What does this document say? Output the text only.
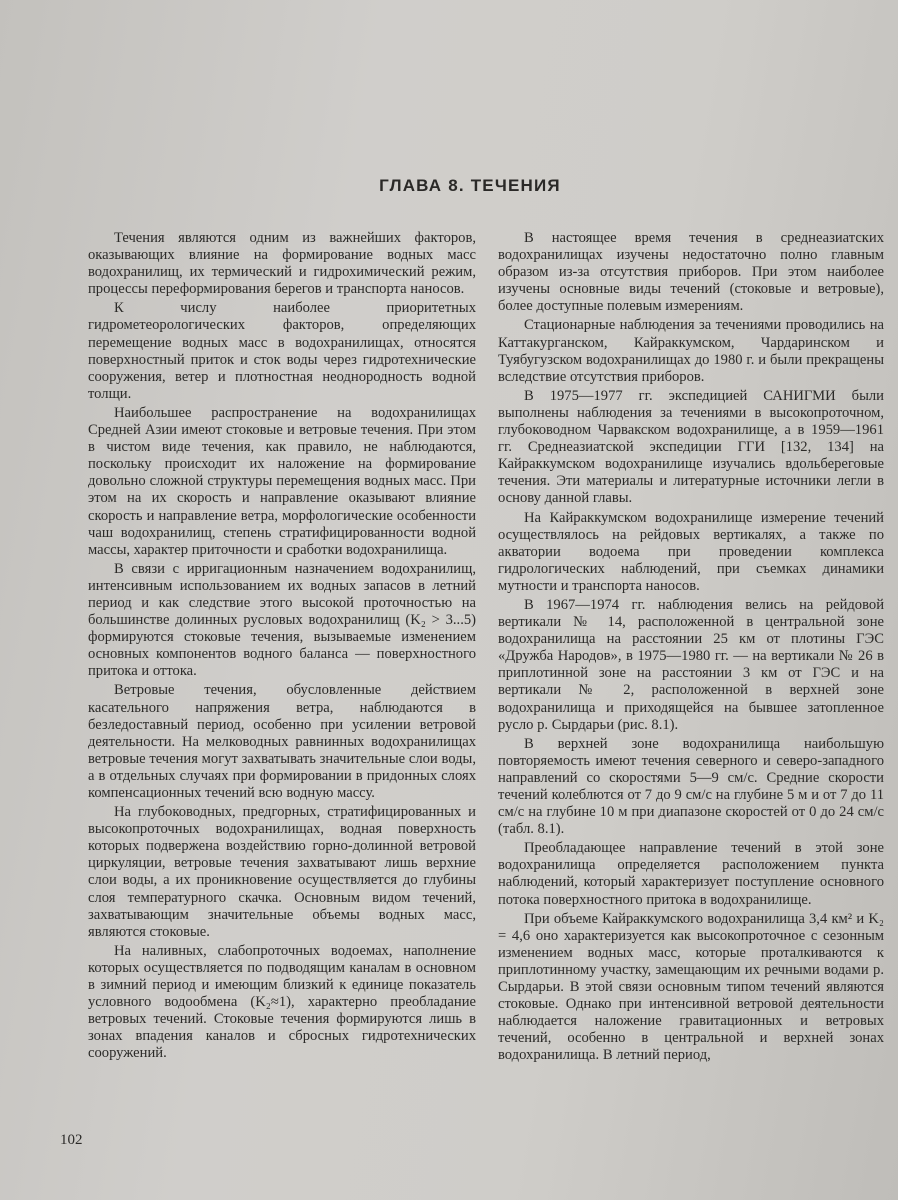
ГЛАВА 8. ТЕЧЕНИЯ

Течения являются одним из важнейших факторов, оказывающих влияние на формирование водных масс водохранилищ, их термический и гидрохимический режим, процессы переформирования берегов и транспорта наносов.

К числу наиболее приоритетных гидрометеорологических факторов, определяющих перемещение водных масс в водохранилищах, относятся поверхностный приток и сток воды через гидротехнические сооружения, ветер и плотностная неоднородность водной толщи.

Наибольшее распространение на водохранилищах Средней Азии имеют стоковые и ветровые течения. При этом в чистом виде течения, как правило, не наблюдаются, поскольку происходит их наложение на формирование довольно сложной структуры перемещения водных масс. При этом на их скорость и направление оказывают влияние скорость и направление ветра, морфологические особенности чаш водохранилищ, степень стратифицированности водной массы, характер приточности и сработки водохранилища.

В связи с ирригационным назначением водохранилищ, интенсивным использованием их водных запасов в летний период и как следствие этого высокой проточностью на большинстве долинных русловых водохранилищ (K₂ > 3...5) формируются стоковые течения, вызываемые изменением основных компонентов водного баланса — поверхностного притока и оттока.

Ветровые течения, обусловленные действием касательного напряжения ветра, наблюдаются в безледоставный период, особенно при усилении ветровой деятельности. На мелководных равнинных водохранилищах ветровые течения могут захватывать значительные слои воды, а в отдельных случаях при формировании в придонных слоях компенсационных течений всю водную массу.

На глубоководных, предгорных, стратифицированных и высокопроточных водохранилищах, водная поверхность которых подвержена воздействию горно-долинной ветровой циркуляции, ветровые течения захватывают лишь верхние слои воды, а их проникновение осуществляется до глубины слоя температурного скачка. Основным видом течений, захватывающим значительные объемы водных масс, являются стоковые.

На наливных, слабопроточных водоемах, наполнение которых осуществляется по подводящим каналам в основном в зимний период и имеющим близкий к единице показатель условного водообмена (K₂≈1), характерно преобладание ветровых течений. Стоковые течения формируются лишь в зонах впадения каналов и сбросных гидротехнических сооружений.

В настоящее время течения в среднеазиатских водохранилищах изучены недостаточно полно главным образом из-за отсутствия приборов. При этом наиболее изучены основные виды течений (стоковые и ветровые), более доступные полевым измерениям.

Стационарные наблюдения за течениями проводились на Каттакурганском, Кайраккумском, Чардаринском и Туябугузском водохранилищах до 1980 г. и были прекращены вследствие отсутствия приборов.

В 1975—1977 гг. экспедицией САНИГМИ были выполнены наблюдения за течениями в высокопроточном, глубоководном Чарвакском водохранилище, а в 1959—1961 гг. Среднеазиатской экспедиции ГГИ [132, 134] на Кайраккумском водохранилище изучались вдольбереговые течения. Эти материалы и литературные источники легли в основу данной главы.

На Кайраккумском водохранилище измерение течений осуществлялось на рейдовых вертикалях, а также по акватории водоема при проведении комплекса гидрологических наблюдений, при съемках динамики мутности и транспорта наносов.

В 1967—1974 гг. наблюдения велись на рейдовой вертикали № 14, расположенной в центральной зоне водохранилища на расстоянии 25 км от плотины ГЭС «Дружба Народов», в 1975—1980 гг. — на вертикали № 26 в приплотинной зоне на расстоянии 3 км от ГЭС и на вертикали № 2, расположенной в верхней зоне водохранилища и приходящейся на бывшее затопленное русло р. Сырдарьи (рис. 8.1).

В верхней зоне водохранилища наибольшую повторяемость имеют течения северного и северо-западного направлений со скоростями 5—9 см/с. Средние скорости течений колеблются от 7 до 9 см/с на глубине 5 м и от 7 до 11 см/с на глубине 10 м при диапазоне скоростей от 0 до 24 см/с (табл. 8.1).

Преобладающее направление течений в этой зоне водохранилища определяется расположением пункта наблюдений, который характеризует поступление основного потока поверхностного притока в водохранилище.

При объеме Кайраккумского водохранилища 3,4 км² и K₂ = 4,6 оно характеризуется как высокопроточное с сезонным изменением водных масс, которые проталкиваются к приплотинному участку, замещающим их речными водами р. Сырдарьи. В этой связи основным типом течений являются стоковые. Однако при интенсивной ветровой деятельности наблюдается наложение гравитационных и ветровых течений, особенно в центральной и верхней зонах водохранилища. В летний период,

102
